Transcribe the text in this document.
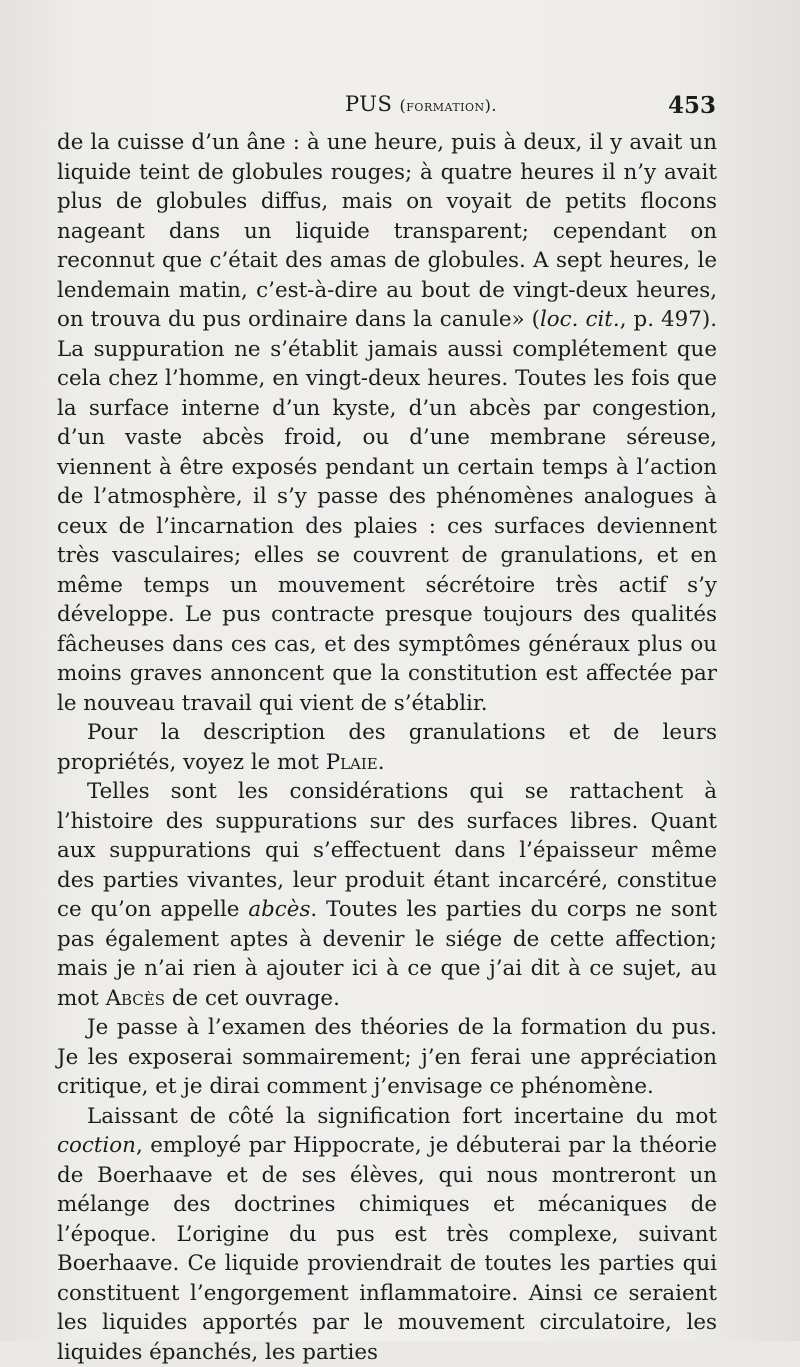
PUS (formation).	453

de la cuisse d’un âne : à une heure, puis à deux, il y avait un liquide teint de globules rouges; à quatre heures il n’y avait plus de globules diffus, mais on voyait de petits flocons nageant dans un liquide transparent; cependant on reconnut que c’était des amas de globules. A sept heures, le lendemain matin, c’est-à-dire au bout de vingt-deux heures, on trouva du pus ordinaire dans la canule» (loc. cit., p. 497). La suppuration ne s’établit jamais aussi complétement que cela chez l’homme, en vingt-deux heures. Toutes les fois que la surface interne d’un kyste, d’un abcès par congestion, d’un vaste abcès froid, ou d’une membrane séreuse, viennent à être exposés pendant un certain temps à l’action de l’atmosphère, il s’y passe des phénomènes analogues à ceux de l’incarnation des plaies : ces surfaces deviennent très vasculaires; elles se couvrent de granulations, et en même temps un mouvement sécrétoire très actif s’y développe. Le pus contracte presque toujours des qualités fâcheuses dans ces cas, et des symptômes généraux plus ou moins graves annoncent que la constitution est affectée par le nouveau travail qui vient de s’établir.

Pour la description des granulations et de leurs propriétés, voyez le mot Plaie.

Telles sont les considérations qui se rattachent à l’histoire des suppurations sur des surfaces libres. Quant aux suppurations qui s’effectuent dans l’épaisseur même des parties vivantes, leur produit étant incarcéré, constitue ce qu’on appelle abcès. Toutes les parties du corps ne sont pas également aptes à devenir le siége de cette affection; mais je n’ai rien à ajouter ici à ce que j’ai dit à ce sujet, au mot Abcès de cet ouvrage.

Je passe à l’examen des théories de la formation du pus. Je les exposerai sommairement; j’en ferai une appréciation critique, et je dirai comment j’envisage ce phénomène.

Laissant de côté la signification fort incertaine du mot coction, employé par Hippocrate, je débuterai par la théorie de Boerhaave et de ses élèves, qui nous montreront un mélange des doctrines chimiques et mécaniques de l’époque. L’origine du pus est très complexe, suivant Boerhaave. Ce liquide proviendrait de toutes les parties qui constituent l’engorgement inflammatoire. Ainsi ce seraient les liquides apportés par le mouvement circulatoire, les liquides épanchés, les parties
